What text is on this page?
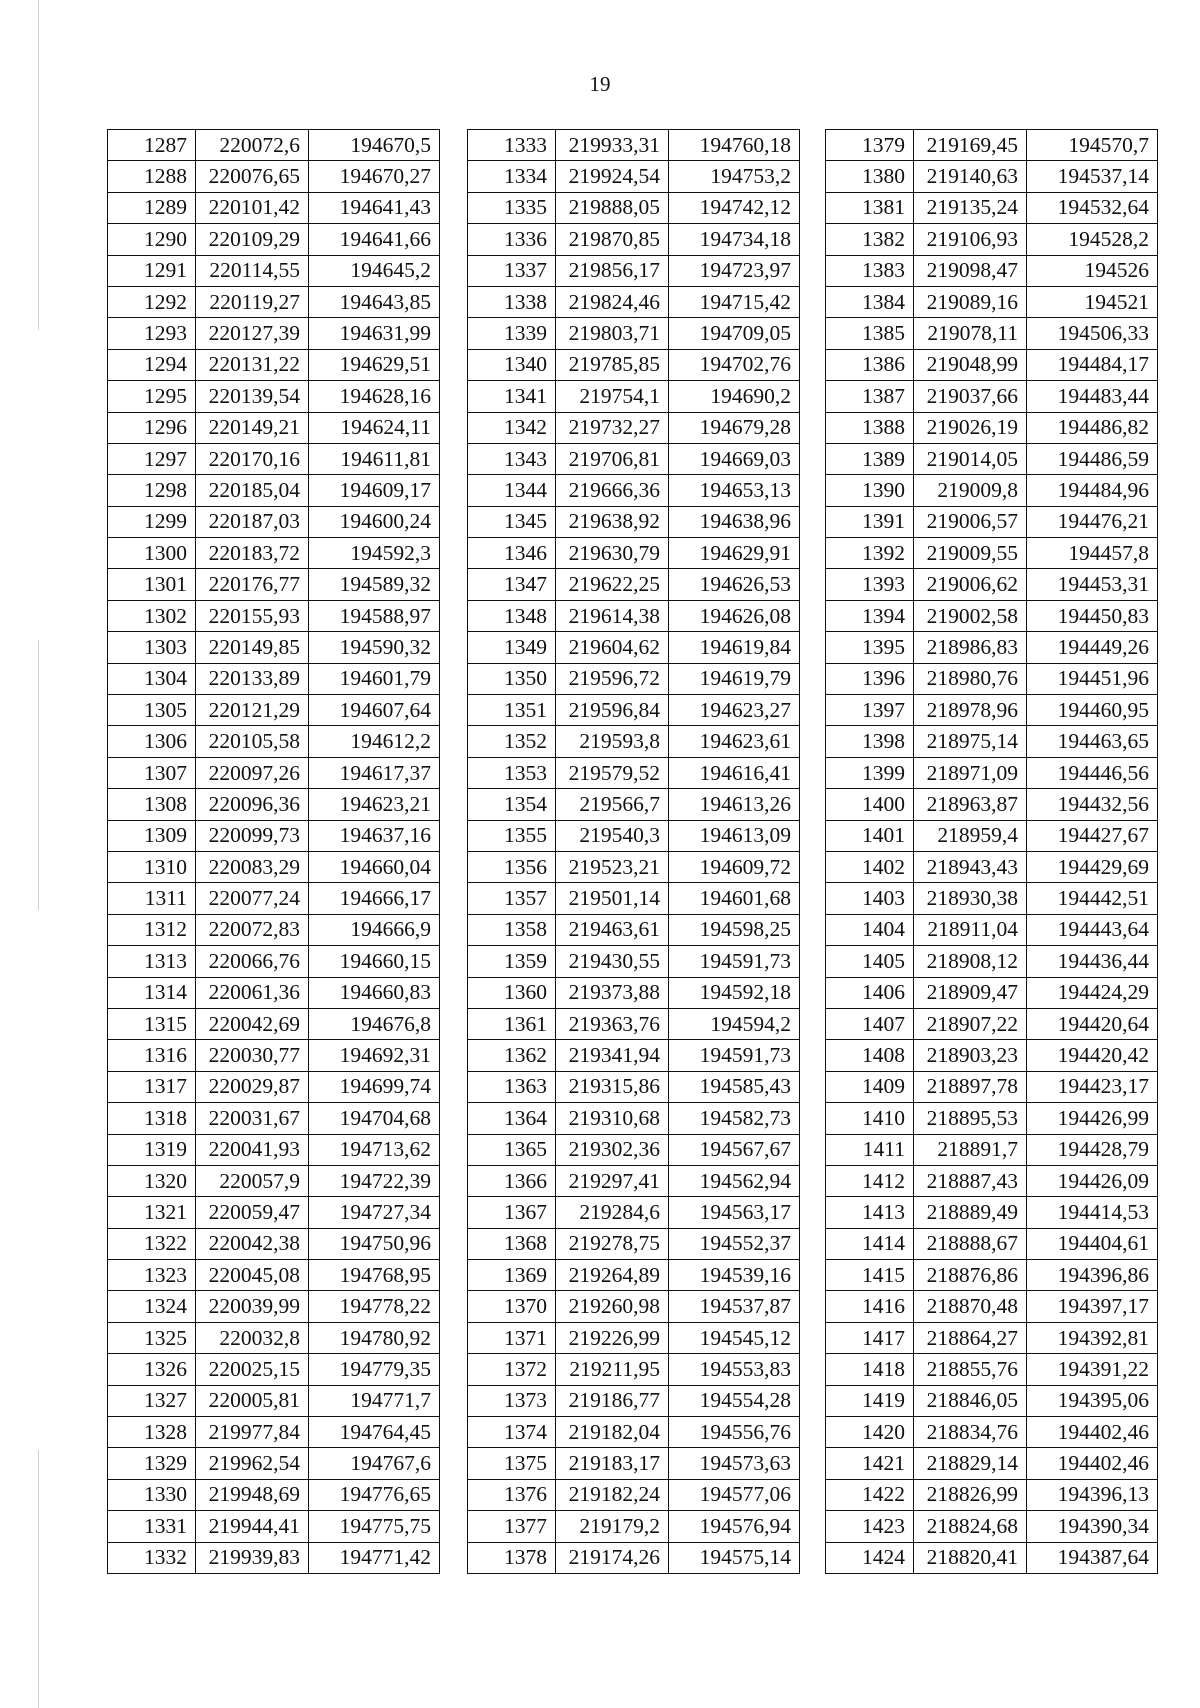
19
1287	220072,6	194670,5
1288	220076,65	194670,27
1289	220101,42	194641,43
1290	220109,29	194641,66
1291	220114,55	194645,2
1292	220119,27	194643,85
1293	220127,39	194631,99
1294	220131,22	194629,51
1295	220139,54	194628,16
1296	220149,21	194624,11
1297	220170,16	194611,81
1298	220185,04	194609,17
1299	220187,03	194600,24
1300	220183,72	194592,3
1301	220176,77	194589,32
1302	220155,93	194588,97
1303	220149,85	194590,32
1304	220133,89	194601,79
1305	220121,29	194607,64
1306	220105,58	194612,2
1307	220097,26	194617,37
1308	220096,36	194623,21
1309	220099,73	194637,16
1310	220083,29	194660,04
1311	220077,24	194666,17
1312	220072,83	194666,9
1313	220066,76	194660,15
1314	220061,36	194660,83
1315	220042,69	194676,8
1316	220030,77	194692,31
1317	220029,87	194699,74
1318	220031,67	194704,68
1319	220041,93	194713,62
1320	220057,9	194722,39
1321	220059,47	194727,34
1322	220042,38	194750,96
1323	220045,08	194768,95
1324	220039,99	194778,22
1325	220032,8	194780,92
1326	220025,15	194779,35
1327	220005,81	194771,7
1328	219977,84	194764,45
1329	219962,54	194767,6
1330	219948,69	194776,65
1331	219944,41	194775,75
1332	219939,83	194771,42
1333	219933,31	194760,18
1334	219924,54	194753,2
1335	219888,05	194742,12
1336	219870,85	194734,18
1337	219856,17	194723,97
1338	219824,46	194715,42
1339	219803,71	194709,05
1340	219785,85	194702,76
1341	219754,1	194690,2
1342	219732,27	194679,28
1343	219706,81	194669,03
1344	219666,36	194653,13
1345	219638,92	194638,96
1346	219630,79	194629,91
1347	219622,25	194626,53
1348	219614,38	194626,08
1349	219604,62	194619,84
1350	219596,72	194619,79
1351	219596,84	194623,27
1352	219593,8	194623,61
1353	219579,52	194616,41
1354	219566,7	194613,26
1355	219540,3	194613,09
1356	219523,21	194609,72
1357	219501,14	194601,68
1358	219463,61	194598,25
1359	219430,55	194591,73
1360	219373,88	194592,18
1361	219363,76	194594,2
1362	219341,94	194591,73
1363	219315,86	194585,43
1364	219310,68	194582,73
1365	219302,36	194567,67
1366	219297,41	194562,94
1367	219284,6	194563,17
1368	219278,75	194552,37
1369	219264,89	194539,16
1370	219260,98	194537,87
1371	219226,99	194545,12
1372	219211,95	194553,83
1373	219186,77	194554,28
1374	219182,04	194556,76
1375	219183,17	194573,63
1376	219182,24	194577,06
1377	219179,2	194576,94
1378	219174,26	194575,14
1379	219169,45	194570,7
1380	219140,63	194537,14
1381	219135,24	194532,64
1382	219106,93	194528,2
1383	219098,47	194526
1384	219089,16	194521
1385	219078,11	194506,33
1386	219048,99	194484,17
1387	219037,66	194483,44
1388	219026,19	194486,82
1389	219014,05	194486,59
1390	219009,8	194484,96
1391	219006,57	194476,21
1392	219009,55	194457,8
1393	219006,62	194453,31
1394	219002,58	194450,83
1395	218986,83	194449,26
1396	218980,76	194451,96
1397	218978,96	194460,95
1398	218975,14	194463,65
1399	218971,09	194446,56
1400	218963,87	194432,56
1401	218959,4	194427,67
1402	218943,43	194429,69
1403	218930,38	194442,51
1404	218911,04	194443,64
1405	218908,12	194436,44
1406	218909,47	194424,29
1407	218907,22	194420,64
1408	218903,23	194420,42
1409	218897,78	194423,17
1410	218895,53	194426,99
1411	218891,7	194428,79
1412	218887,43	194426,09
1413	218889,49	194414,53
1414	218888,67	194404,61
1415	218876,86	194396,86
1416	218870,48	194397,17
1417	218864,27	194392,81
1418	218855,76	194391,22
1419	218846,05	194395,06
1420	218834,76	194402,46
1421	218829,14	194402,46
1422	218826,99	194396,13
1423	218824,68	194390,34
1424	218820,41	194387,64
